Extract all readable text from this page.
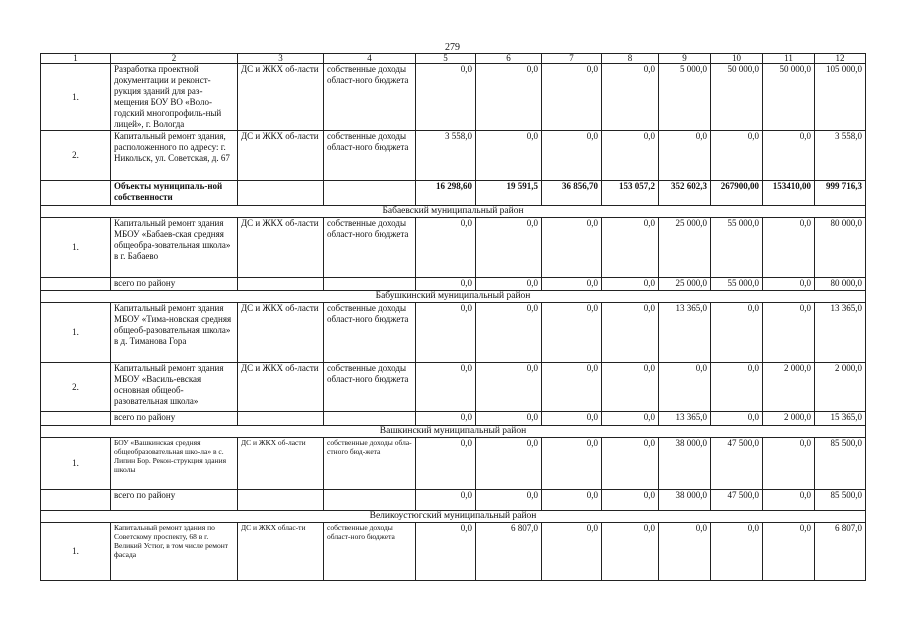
279
1	2	3	4	5	6	7	8	9	10	11	12
1.	Разработка проектной документации и реконст-рукция зданий для раз-мещения БОУ ВО «Воло-годский многопрофиль-ный лицей», г. Вологда	ДС и ЖКХ об-ласти	собственные доходы област-ного бюджета	0,0	0,0	0,0	0,0	5 000,0	50 000,0	50 000,0	105 000,0
2.	Капитальный ремонт здания, расположенного по адресу: г. Никольск, ул. Советская, д. 67	ДС и ЖКХ об-ласти	собственные доходы област-ного бюджета	3 558,0	0,0	0,0	0,0	0,0	0,0	0,0	3 558,0
	Объекты муниципаль-ной собственности			16 298,60	19 591,5	36 856,70	153 057,2	352 602,3	267900,00	153410,00	999 716,3
Бабаевский муниципальный район											
1.	Капитальный ремонт здания МБОУ «Бабаев-ская средняя общеобра-зовательная школа» в г. Бабаево	ДС и ЖКХ об-ласти	собственные доходы област-ного бюджета	0,0	0,0	0,0	0,0	25 000,0	55 000,0	0,0	80 000,0
	всего по району			0,0	0,0	0,0	0,0	25 000,0	55 000,0	0,0	80 000,0
Бабушкинский муниципальный район											
1.	Капитальный ремонт здания МБОУ «Тима-новская средняя общеоб-разовательная школа» в д. Тиманова Гора	ДС и ЖКХ об-ласти	собственные доходы област-ного бюджета	0,0	0,0	0,0	0,0	13 365,0	0,0	0,0	13 365,0
2.	Капитальный ремонт здания МБОУ «Василь-евская основная общеоб-разовательная школа»	ДС и ЖКХ об-ласти	собственные доходы област-ного бюджета	0,0	0,0	0,0	0,0	0,0	0,0	2 000,0	2 000,0
	всего по району			0,0	0,0	0,0	0,0	13 365,0	0,0	2 000,0	15 365,0
Вашкинский муниципальный район											
1.	БОУ «Вашкинская средняя общеобразовательная шко-ла» в с. Липин Бор. Рекон-струкция здания школы	ДС и ЖКХ об-ласти	собственные доходы обла-стного бюд-жета	0,0	0,0	0,0	0,0	38 000,0	47 500,0	0,0	85 500,0
	всего по району			0,0	0,0	0,0	0,0	38 000,0	47 500,0	0,0	85 500,0
Великоустюгский муниципальный район											
1.	Капитальный ремонт здания по Советскому проспекту, 68 в г. Великий Устюг, в том числе ремонт фасада	ДС и ЖКХ облас-ти	собственные доходы област-ного бюджета	0,0	6 807,0	0,0	0,0	0,0	0,0	0,0	6 807,0
